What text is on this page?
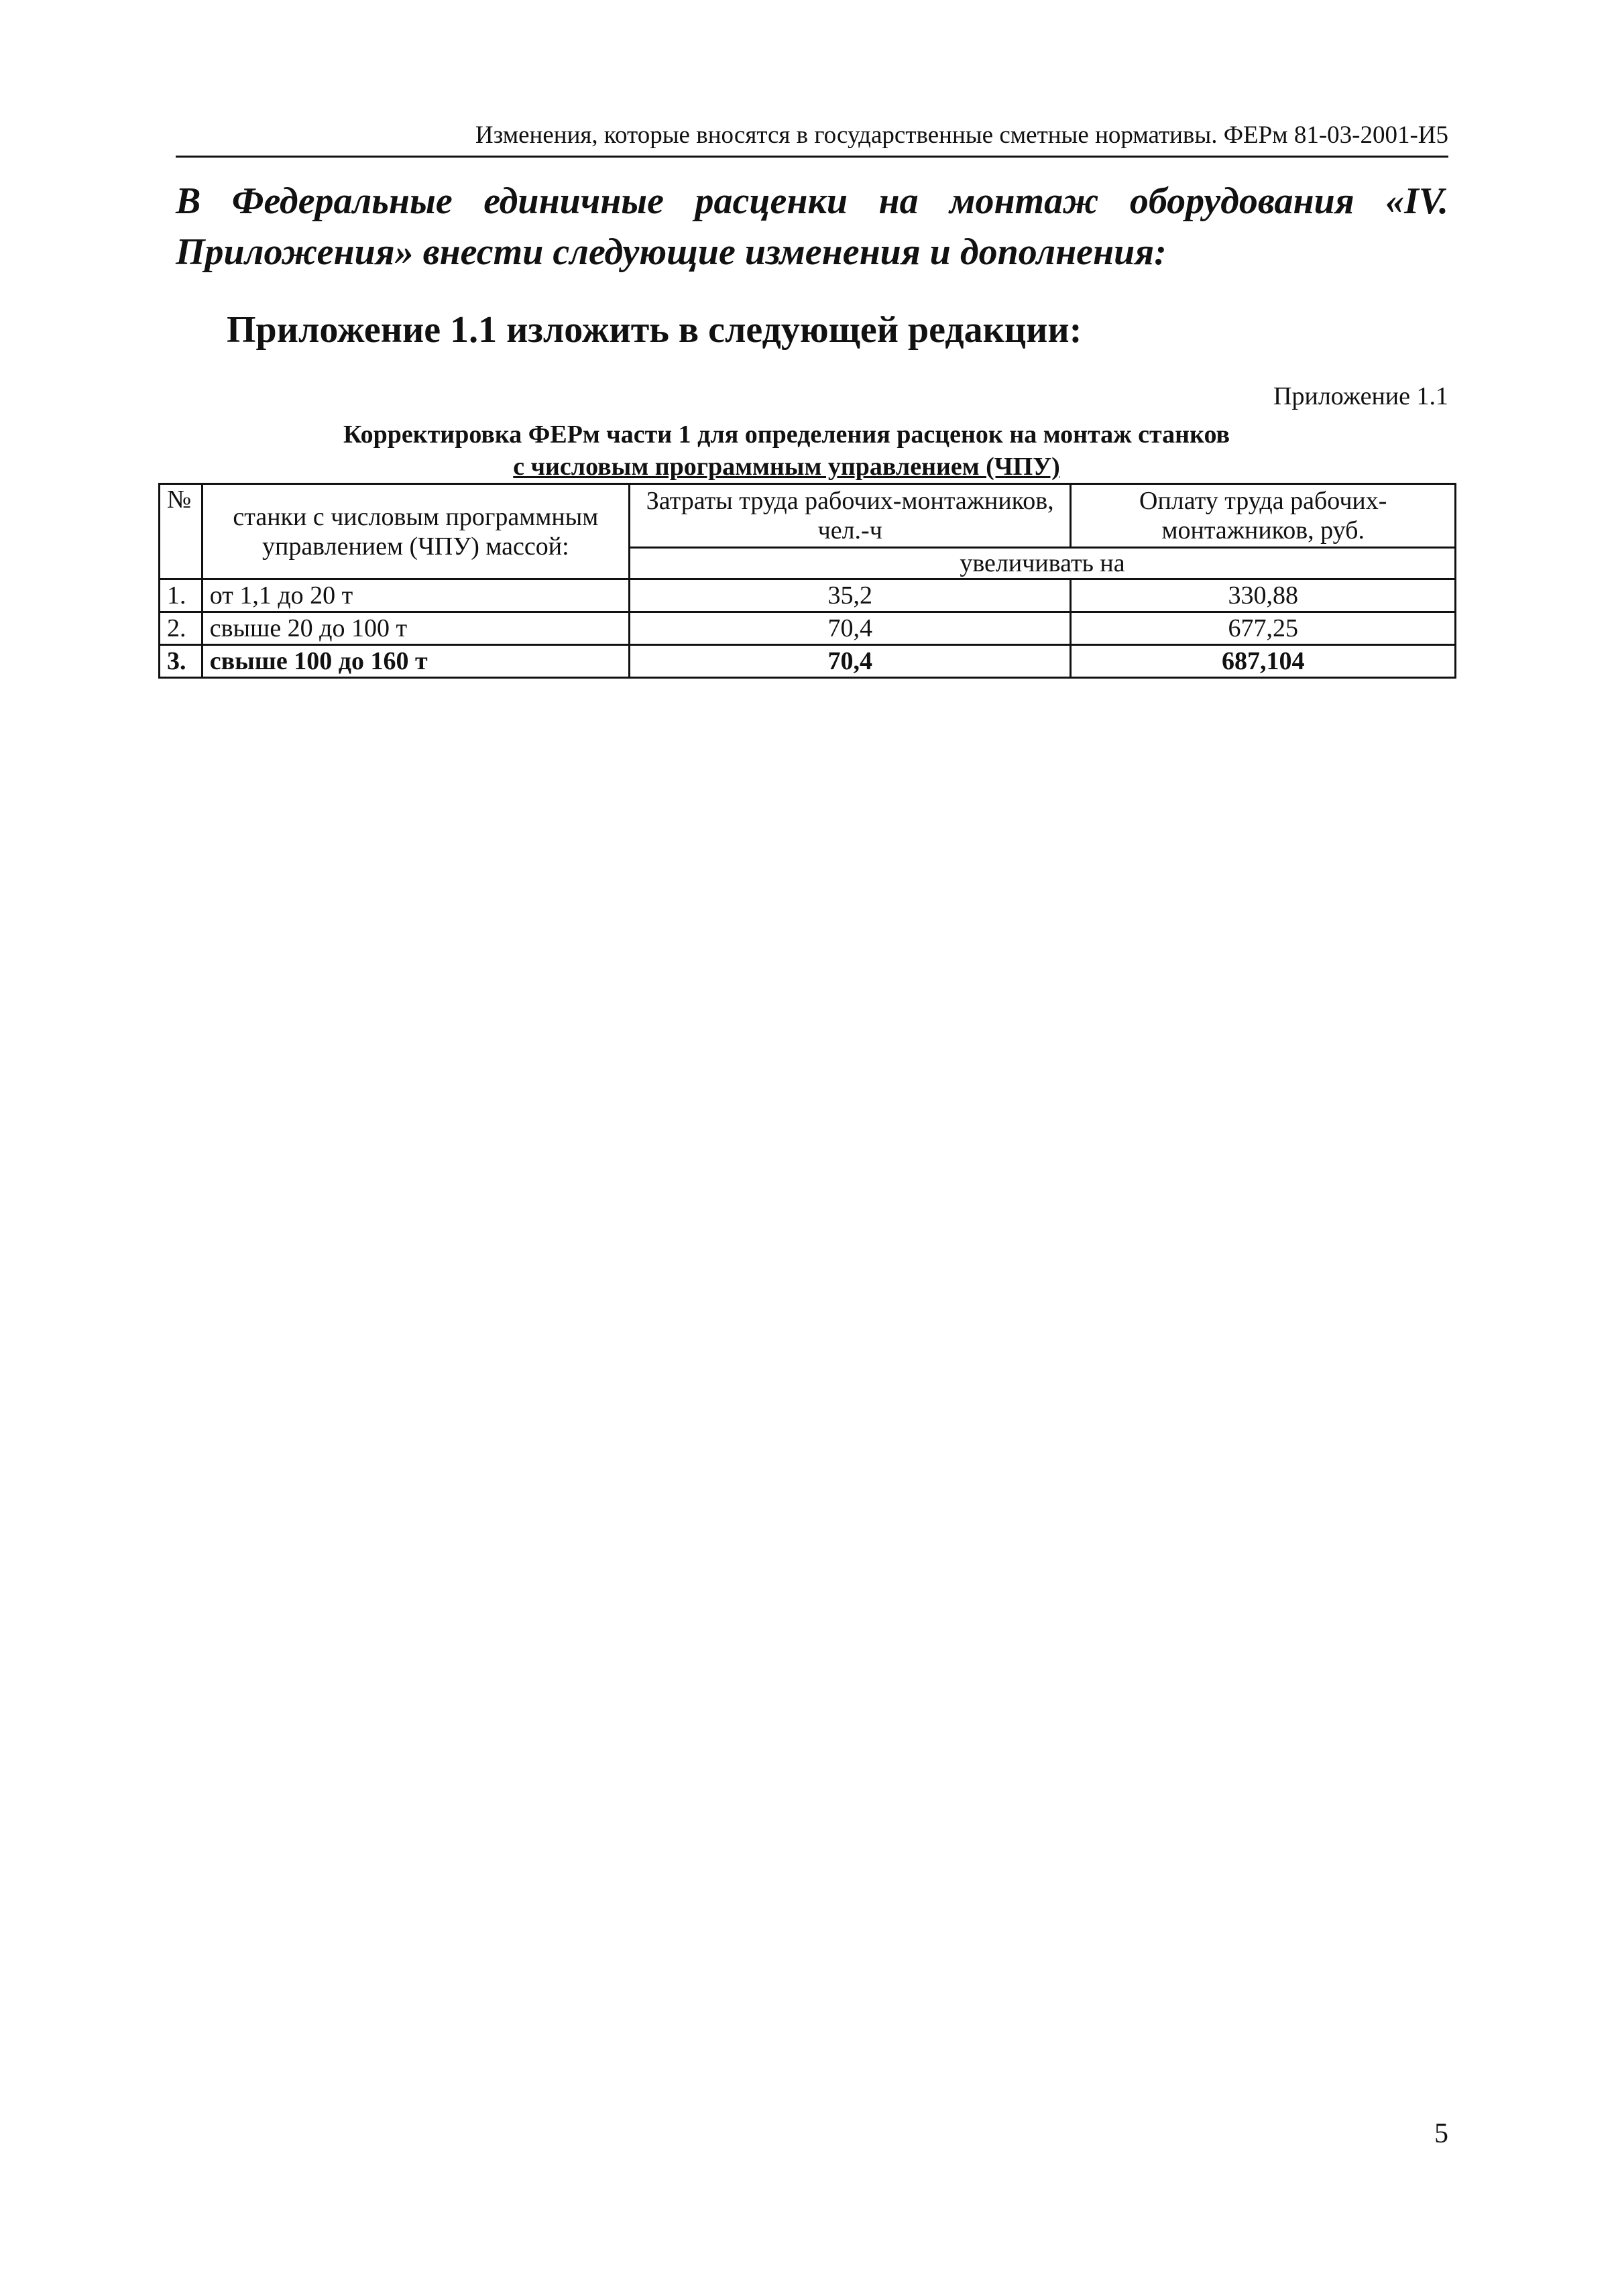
Изменения, которые вносятся в государственные сметные нормативы. ФЕРм 81-03-2001-И5
В Федеральные единичные расценки на монтаж оборудования «IV. Приложения» внести следующие изменения и дополнения:
Приложение 1.1 изложить в следующей редакции:
Приложение 1.1
Корректировка ФЕРм части 1 для определения расценок на монтаж станков
с числовым программным управлением (ЧПУ)
№	станки с числовым программным управлением (ЧПУ) массой:	Затраты труда рабочих-монтажников, чел.-ч	Оплату труда рабочих-монтажников, руб.
		увеличивать на	
1.	от 1,1 до 20 т	35,2	330,88
2.	свыше 20 до 100 т	70,4	677,25
3.	свыше 100 до 160 т	70,4	687,104
5
